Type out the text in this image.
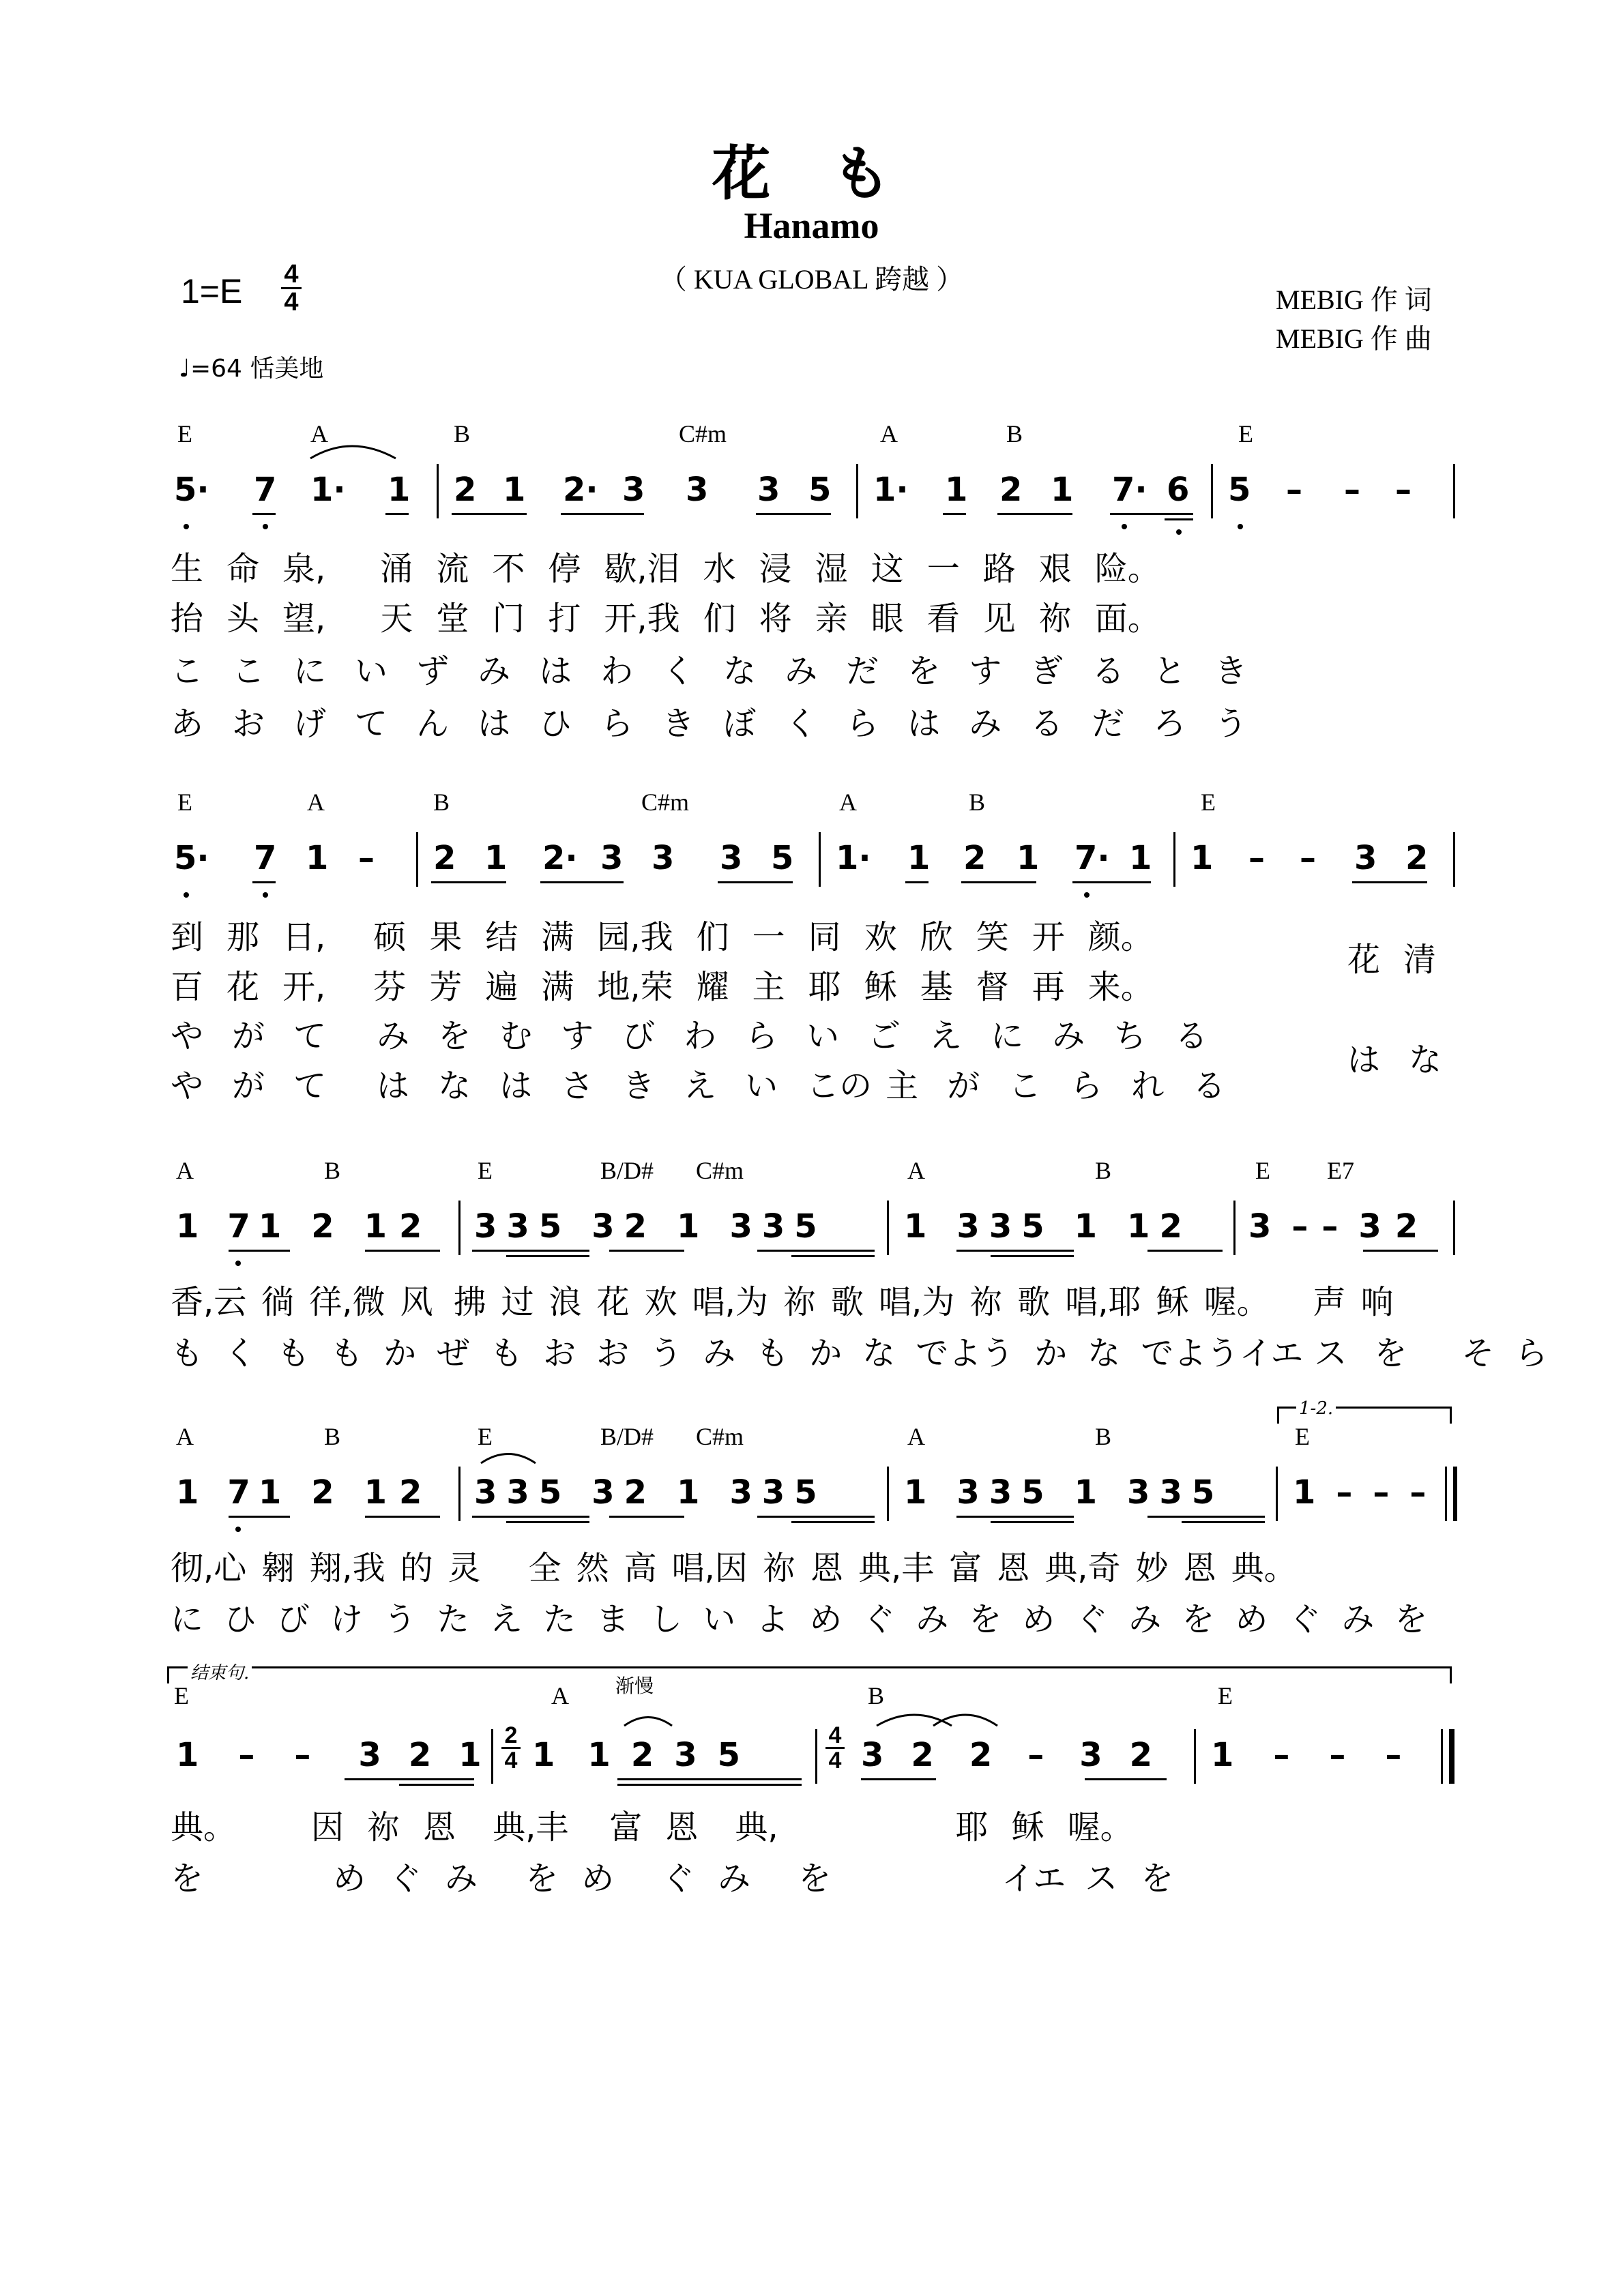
花 も
Hanamo
（ KUA GLOBAL 跨越 ）
1=E 4
4
♩=64 恬美地
MEBIG 作 词
MEBIG 作 曲
E	A	B	C#m	A	B	E
5· 7 1· 1 2 1 2· 3 3 3 5 1· 1 2 1 7· 6 5 – – –
生 命 泉, 涌 流 不 停 歇,泪 水 浸 湿 这 一 路 艰 险。
抬 头 望, 天 堂 门 打 开,我 们 将 亲 眼 看 见 祢 面。
こ こ に い ず み は わ く な み だ を す ぎ る と き
あ お げ て ん は ひ ら き ぼ く ら は み る だ ろ う
E	A	B	C#m	A	B	E
5· 7 1 – 2 1 2· 3 3 3 5 1· 1 2 1 7· 1 1 – – 3 2
到 那 日, 硕 果 结 满 园,我 们 一 同 欢 欣 笑 开 颜。
百 花 开, 芬 芳 遍 满 地,荣 耀 主 耶 稣 基 督 再 来。
や が て み を む す び わ ら い ご え に み ち る
や が て は な は さ き え い この 主 が こ ら れ る
花 清
は な
A	B	E	B/D# C#m	A	B	E E7
1 7 1 2 1 2 3 3 5 3 2 1 3 3 5	1 3 3 5 1 1 2 3 – – 3 2
香,云 徜 徉,微 风 拂 过 浪 花 欢 唱,为 祢 歌 唱,为 祢 歌 唱,耶 稣 喔。 声 响
も く も も か ぜ も お お う み も か な でよう か な でようイエ ス を そ ら
A	B	E	B/D# C#m	A	B	E
1-2.
1 7 1 2 1 2 3 3 5 3 2 1 3 3 5	1 3 3 5 1 3 3 5 1 – – –
彻,心 翱 翔,我 的 灵 全 然 高 唱,因 祢 恩 典,丰 富 恩 典,奇 妙 恩 典。
に ひ び け う た え た ま し い よ め ぐ み を め ぐ み を め ぐ み を
结束句.
E	A 渐慢	B	E
1 – – 3 2 1
2
4 1 1 2 3 5
4
4 3 2 2 – 3 2 1 – – –
典。 因 祢 恩 典,丰 富 恩 典,	耶 稣 喔。
を	め ぐ み を め ぐ み を	イエ ス を
